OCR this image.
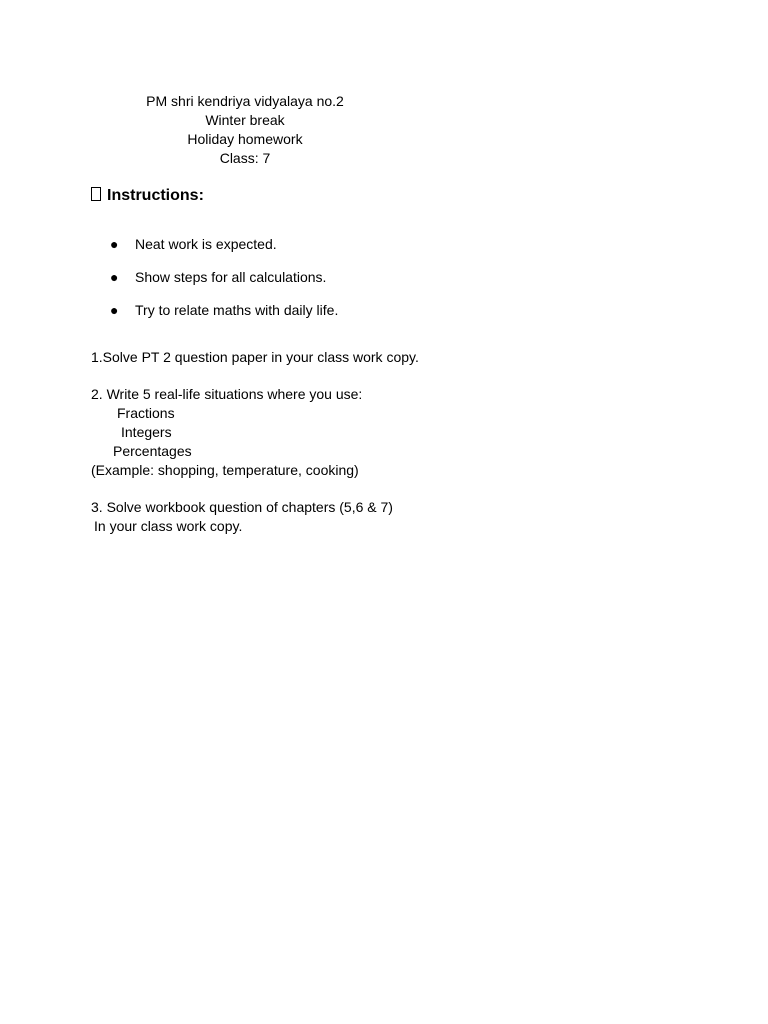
PM shri kendriya vidyalaya no.2
Winter break
Holiday homework
Class: 7
Instructions:
● Neat work is expected.
● Show steps for all calculations.
● Try to relate maths with daily life.
1.Solve PT 2 question paper in your class work copy.
2. Write 5 real-life situations where you use:
Fractions
Integers
Percentages
(Example: shopping, temperature, cooking)
3. Solve workbook question of chapters (5,6 & 7)
In your class work copy.
